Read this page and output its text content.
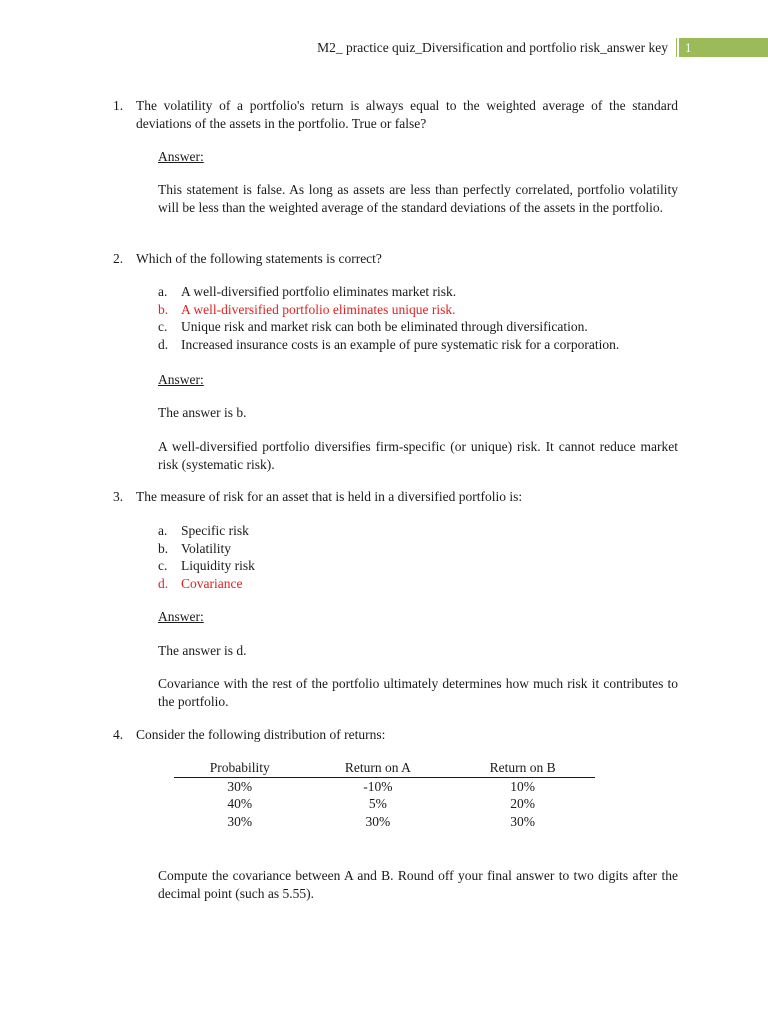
M2_ practice quiz_Diversification and portfolio risk_answer key	1
1. The volatility of a portfolio's return is always equal to the weighted average of the standard deviations of the assets in the portfolio. True or false?
Answer:
This statement is false. As long as assets are less than perfectly correlated, portfolio volatility will be less than the weighted average of the standard deviations of the assets in the portfolio.
2. Which of the following statements is correct?
a. A well-diversified portfolio eliminates market risk.
b. A well-diversified portfolio eliminates unique risk.
c. Unique risk and market risk can both be eliminated through diversification.
d. Increased insurance costs is an example of pure systematic risk for a corporation.
Answer:
The answer is b.
A well-diversified portfolio diversifies firm-specific (or unique) risk. It cannot reduce market risk (systematic risk).
3. The measure of risk for an asset that is held in a diversified portfolio is:
a. Specific risk
b. Volatility
c. Liquidity risk
d. Covariance
Answer:
The answer is d.
Covariance with the rest of the portfolio ultimately determines how much risk it contributes to the portfolio.
4. Consider the following distribution of returns:
Probability	Return on A	Return on B
30%	-10%	10%
40%	5%	20%
30%	30%	30%
Compute the covariance between A and B. Round off your final answer to two digits after the decimal point (such as 5.55).
